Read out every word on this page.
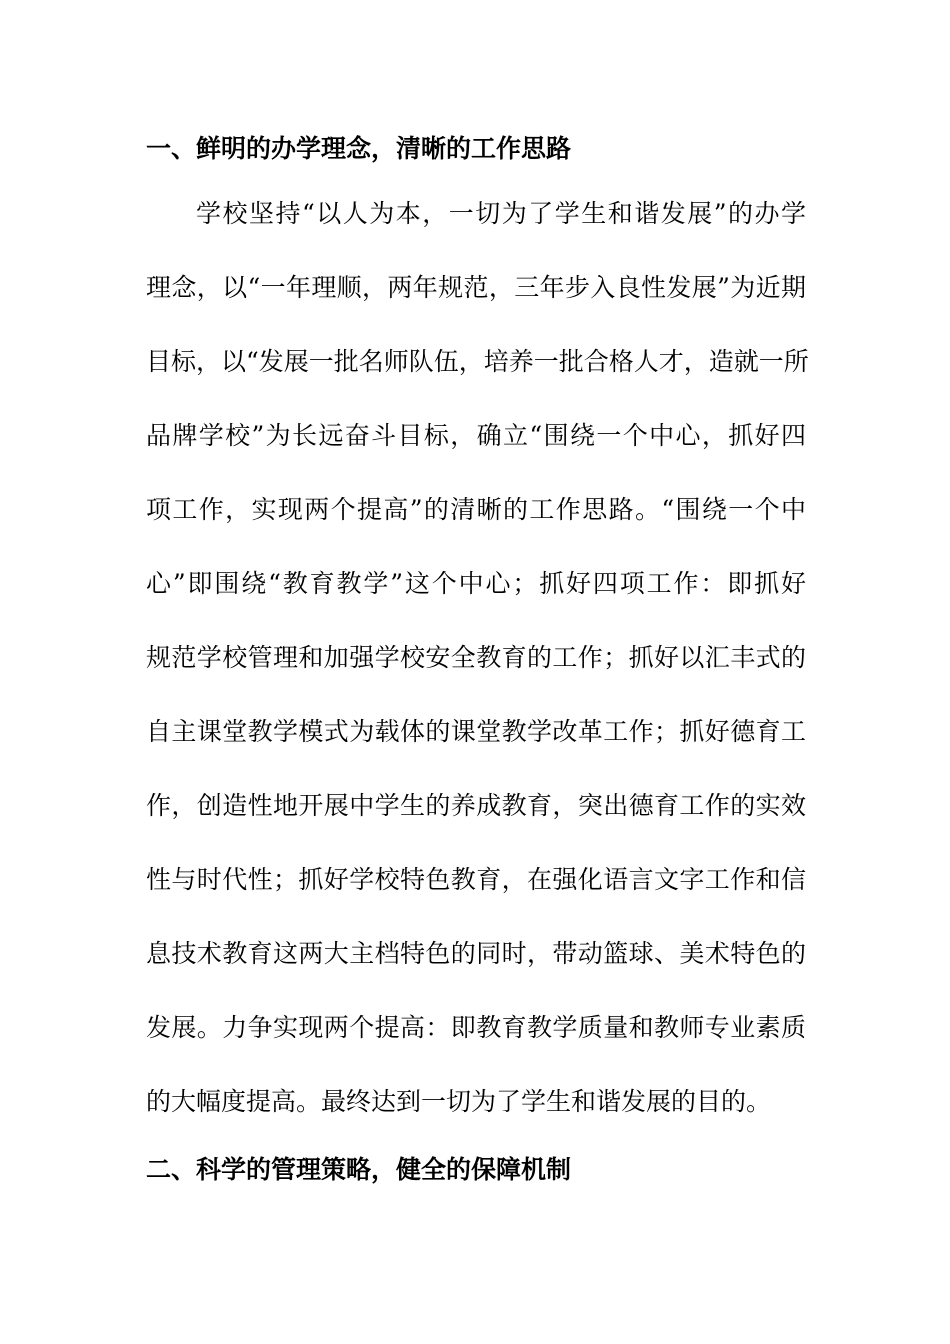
一、鲜明的办学理念，清晰的工作思路
学校坚持“以人为本，一切为了学生和谐发展”的办学
理念，以“一年理顺，两年规范，三年步入良性发展”为近期
目标，以“发展一批名师队伍，培养一批合格人才，造就一所
品牌学校”为长远奋斗目标，确立“围绕一个中心，抓好四
项工作，实现两个提高”的清晰的工作思路。“围绕一个中
心”即围绕“教育教学”这个中心；抓好四项工作：即抓好
规范学校管理和加强学校安全教育的工作；抓好以汇丰式的
自主课堂教学模式为载体的课堂教学改革工作；抓好德育工
作，创造性地开展中学生的养成教育，突出德育工作的实效
性与时代性；抓好学校特色教育，在强化语言文字工作和信
息技术教育这两大主档特色的同时，带动篮球、美术特色的
发展。力争实现两个提高：即教育教学质量和教师专业素质
的大幅度提高。最终达到一切为了学生和谐发展的目的。
二、科学的管理策略，健全的保障机制
